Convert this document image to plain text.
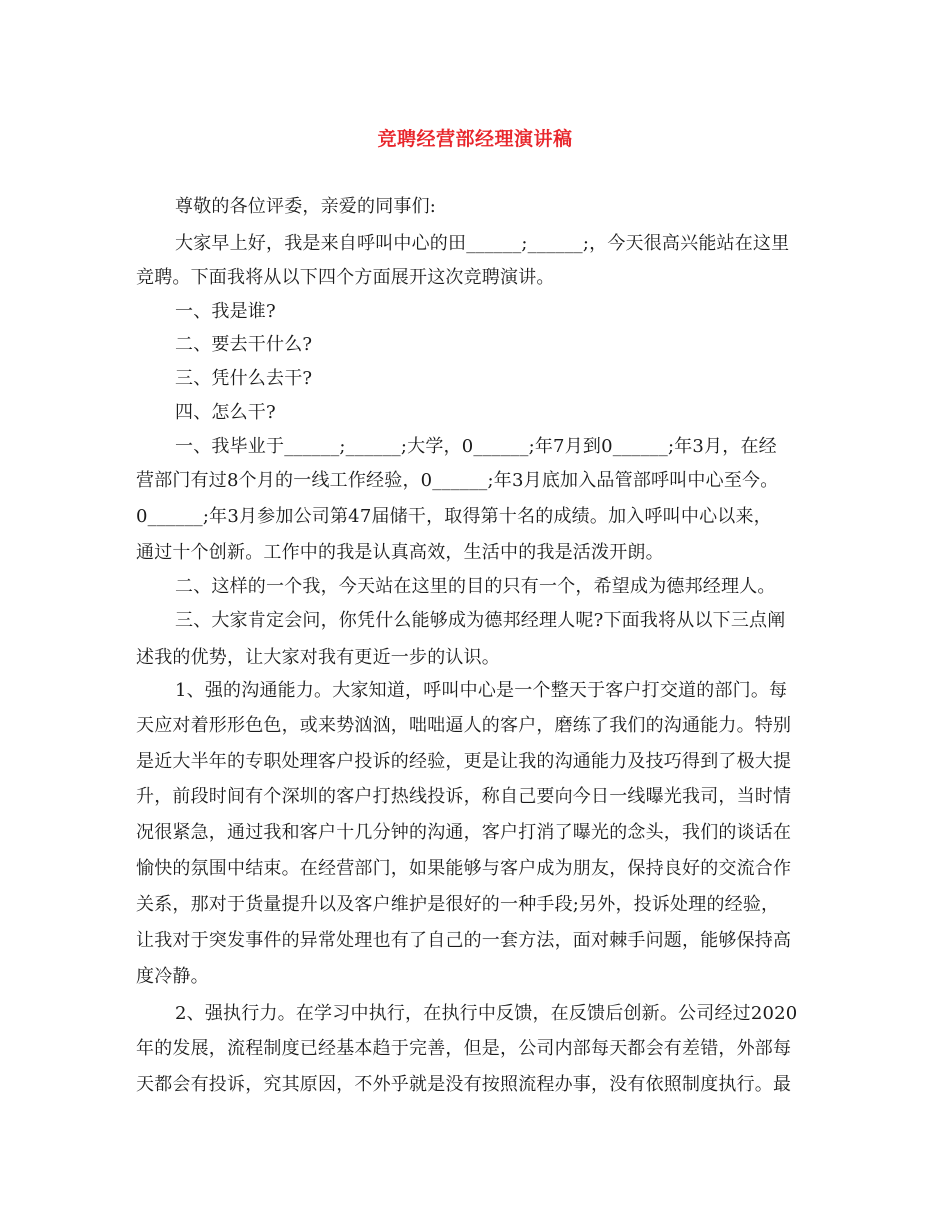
竞聘经营部经理演讲稿
尊敬的各位评委，亲爱的同事们:
大家早上好，我是来自呼叫中心的田______;______;，今天很高兴能站在这里
竞聘。下面我将从以下四个方面展开这次竞聘演讲。
一、我是谁?
二、要去干什么?
三、凭什么去干?
四、怎么干?
一、我毕业于______;______;大学，0______;年7月到0______;年3月，在经
营部门有过8个月的一线工作经验，0______;年3月底加入品管部呼叫中心至今。
0______;年3月参加公司第47届储干，取得第十名的成绩。加入呼叫中心以来，
通过十个创新。工作中的我是认真高效，生活中的我是活泼开朗。
二、这样的一个我，今天站在这里的目的只有一个，希望成为德邦经理人。
三、大家肯定会问，你凭什么能够成为德邦经理人呢?下面我将从以下三点阐
述我的优势，让大家对我有更近一步的认识。
1、强的沟通能力。大家知道，呼叫中心是一个整天于客户打交道的部门。每
天应对着形形色色，或来势汹汹，咄咄逼人的客户，磨练了我们的沟通能力。特别
是近大半年的专职处理客户投诉的经验，更是让我的沟通能力及技巧得到了极大提
升，前段时间有个深圳的客户打热线投诉，称自己要向今日一线曝光我司，当时情
况很紧急，通过我和客户十几分钟的沟通，客户打消了曝光的念头，我们的谈话在
愉快的氛围中结束。在经营部门，如果能够与客户成为朋友，保持良好的交流合作
关系，那对于货量提升以及客户维护是很好的一种手段;另外，投诉处理的经验，
让我对于突发事件的异常处理也有了自己的一套方法，面对棘手问题，能够保持高
度冷静。
2、强执行力。在学习中执行，在执行中反馈，在反馈后创新。公司经过2020
年的发展，流程制度已经基本趋于完善，但是，公司内部每天都会有差错，外部每
天都会有投诉，究其原因，不外乎就是没有按照流程办事，没有依照制度执行。最
